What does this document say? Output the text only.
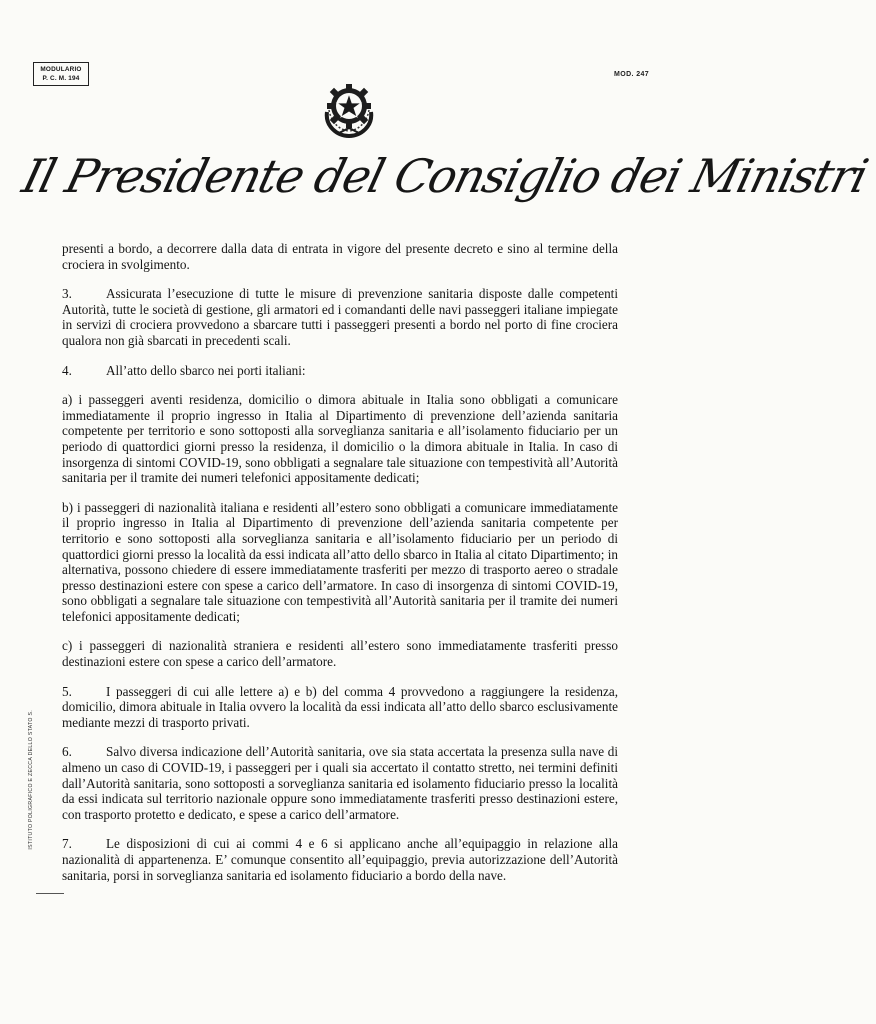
MODULARIO
P. C. M. 194
MOD. 247
Il Presidente del Consiglio dei Ministri

presenti a bordo, a decorrere dalla data di entrata in vigore del presente decreto e sino al termine della crociera in svolgimento.

3.	Assicurata l’esecuzione di tutte le misure di prevenzione sanitaria disposte dalle competenti Autorità, tutte le società di gestione, gli armatori ed i comandanti delle navi passeggeri italiane impiegate in servizi di crociera provvedono a sbarcare tutti i passeggeri presenti a bordo nel porto di fine crociera qualora non già sbarcati in precedenti scali.

4.	All’atto dello sbarco nei porti italiani:

a) i passeggeri aventi residenza, domicilio o dimora abituale in Italia sono obbligati a comunicare immediatamente il proprio ingresso in Italia al Dipartimento di prevenzione dell’azienda sanitaria competente per territorio e sono sottoposti alla sorveglianza sanitaria e all’isolamento fiduciario per un periodo di quattordici giorni presso la residenza, il domicilio o la dimora abituale in Italia. In caso di insorgenza di sintomi COVID-19, sono obbligati a segnalare tale situazione con tempestività all’Autorità sanitaria per il tramite dei numeri telefonici appositamente dedicati;

b) i passeggeri di nazionalità italiana e residenti all’estero sono obbligati a comunicare immediatamente il proprio ingresso in Italia al Dipartimento di prevenzione dell’azienda sanitaria competente per territorio e sono sottoposti alla sorveglianza sanitaria e all’isolamento fiduciario per un periodo di quattordici giorni presso la località da essi indicata all’atto dello sbarco in Italia al citato Dipartimento; in alternativa, possono chiedere di essere immediatamente trasferiti per mezzo di trasporto aereo o stradale presso destinazioni estere con spese a carico dell’armatore. In caso di insorgenza di sintomi COVID-19, sono obbligati a segnalare tale situazione con tempestività all’Autorità sanitaria per il tramite dei numeri telefonici appositamente dedicati;

c) i passeggeri di nazionalità straniera e residenti all’estero sono immediatamente trasferiti presso destinazioni estere con spese a carico dell’armatore.

5.	I passeggeri di cui alle lettere a) e b) del comma 4 provvedono a raggiungere la residenza, domicilio, dimora abituale in Italia ovvero la località da essi indicata all’atto dello sbarco esclusivamente mediante mezzi di trasporto privati.

6.	Salvo diversa indicazione dell’Autorità sanitaria, ove sia stata accertata la presenza sulla nave di almeno un caso di COVID-19, i passeggeri per i quali sia accertato il contatto stretto, nei termini definiti dall’Autorità sanitaria, sono sottoposti a sorveglianza sanitaria ed isolamento fiduciario presso la località da essi indicata sul territorio nazionale oppure sono immediatamente trasferiti presso destinazioni estere, con trasporto protetto e dedicato, e spese a carico dell’armatore.

7.	Le disposizioni di cui ai commi 4 e 6 si applicano anche all’equipaggio in relazione alla nazionalità di appartenenza. E’ comunque consentito all’equipaggio, previa autorizzazione dell’Autorità sanitaria, porsi in sorveglianza sanitaria ed isolamento fiduciario a bordo della nave.

ISTITUTO POLIGRAFICO E ZECCA DELLO STATO S.
